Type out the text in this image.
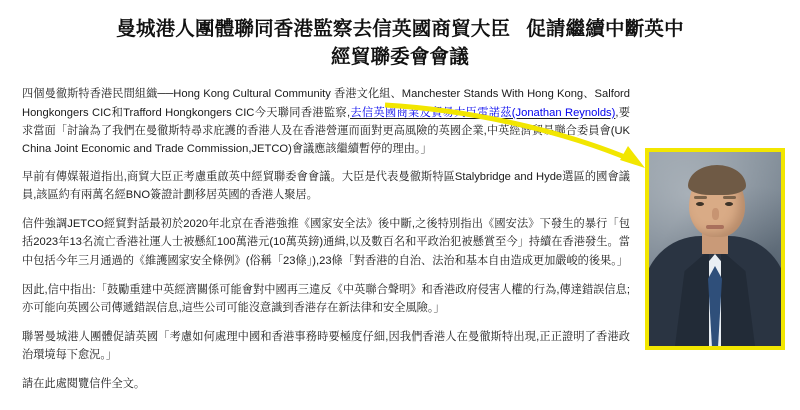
曼城港人團體聯同香港監察去信英國商貿大臣 促請繼續中斷英中
經貿聯委會會議

四個曼徹斯特香港民間組織──Hong Kong Cultural Community 香港文化組、Manchester Stands With Hong Kong、Salford Hongkongers CIC和Trafford Hongkongers CIC今天聯同香港監察,去信英國商業及貿易大臣雷諾茲(Jonathan Reynolds),要求當面「討論為了我們在曼徹斯特尋求庇護的香港人及在香港營運而面對更高風險的英國企業,中英經濟貿易聯合委員會(UK China Joint Economic and Trade Commission,JETCO)會議應該繼續暫停的理由。」

早前有傳媒報道指出,商貿大臣正考慮重啟英中經貿聯委會會議。大臣是代表曼徹斯特區Stalybridge and Hyde選區的國會議員,該區約有兩萬名經BNO簽證計劃移居英國的香港人聚居。

信件強調JETCO經貿對話最初於2020年北京在香港強推《國家安全法》後中斷,之後特別指出《國安法》下發生的暴行「包括2023年13名流亡香港社運人士被懸紅100萬港元(10萬英鎊)通緝,以及數百名和平政治犯被懸賞至今」持續在香港發生。當中包括今年三月通過的《維護國家安全條例》(俗稱「23條」),23條「對香港的自治、法治和基本自由造成更加嚴峻的後果。」

因此,信中指出:「鼓勵重建中英經濟關係可能會對中國再三違反《中英聯合聲明》和香港政府侵害人權的行為,傳達錯誤信息;亦可能向英國公司傳遞錯誤信息,這些公司可能沒意識到香港存在新法律和安全風險。」

聯署曼城港人團體促請英國「考慮如何處理中國和香港事務時要極度仔細,因我們香港人在曼徹斯特出現,正正證明了香港政治環境每下愈況。」

請在此處閱覽信件全文。
